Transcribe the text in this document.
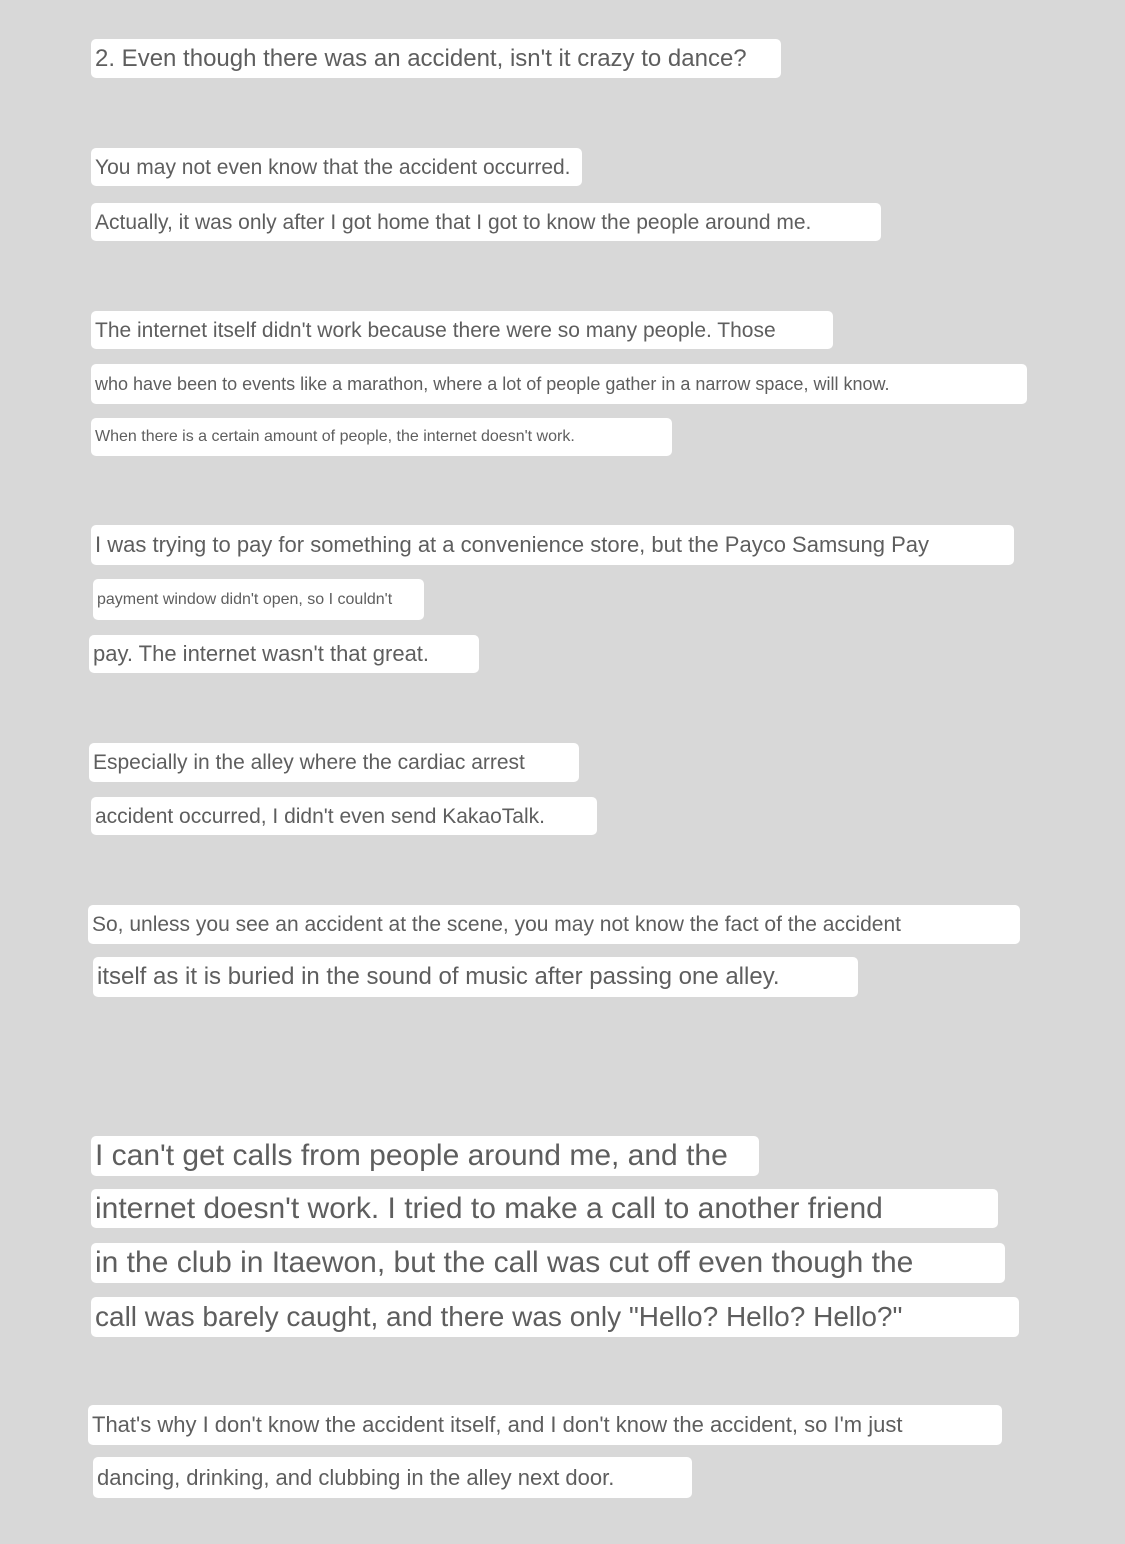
2. Even though there was an accident, isn't it crazy to dance?
You may not even know that the accident occurred.
Actually, it was only after I got home that I got to know the people around me.
The internet itself didn't work because there were so many people. Those
who have been to events like a marathon, where a lot of people gather in a narrow space, will know.
When there is a certain amount of people, the internet doesn't work.
I was trying to pay for something at a convenience store, but the Payco Samsung Pay
payment window didn't open, so I couldn't
pay. The internet wasn't that great.
Especially in the alley where the cardiac arrest
accident occurred, I didn't even send KakaoTalk.
So, unless you see an accident at the scene, you may not know the fact of the accident
itself as it is buried in the sound of music after passing one alley.
I can't get calls from people around me, and the
internet doesn't work. I tried to make a call to another friend
in the club in Itaewon, but the call was cut off even though the
call was barely caught, and there was only "Hello? Hello? Hello?"
That's why I don't know the accident itself, and I don't know the accident, so I'm just
dancing, drinking, and clubbing in the alley next door.
